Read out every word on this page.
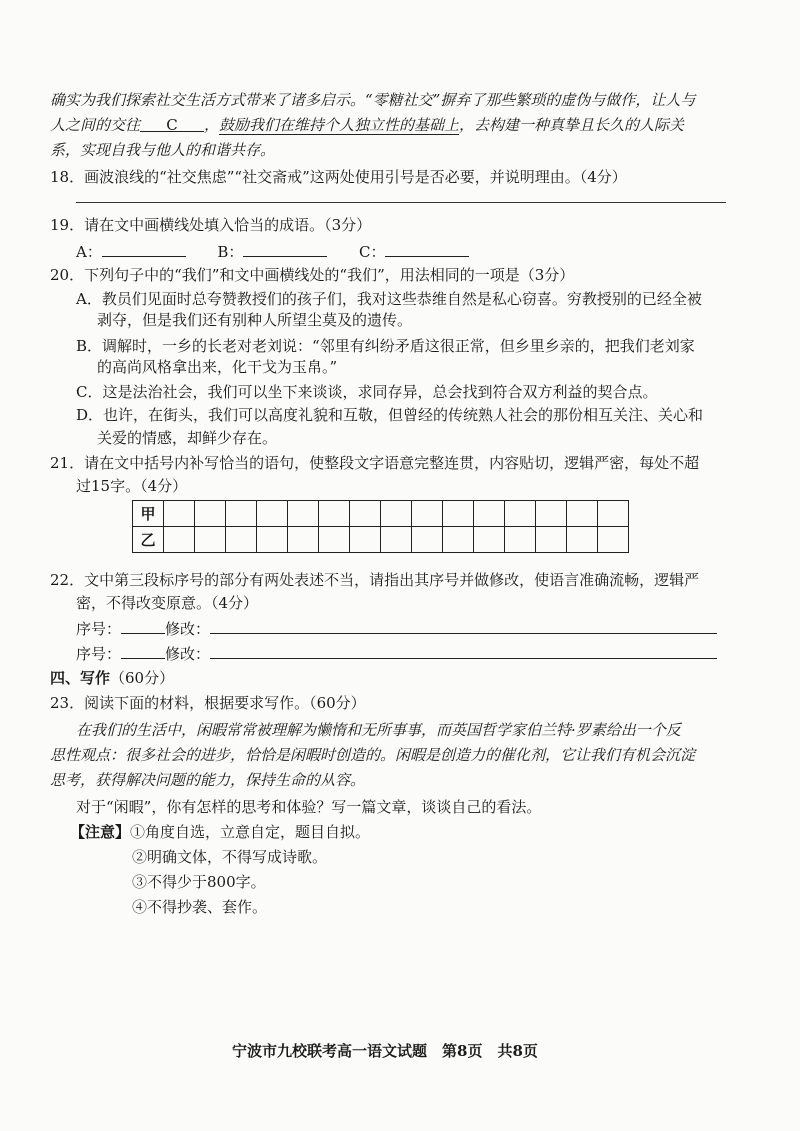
确实为我们探索社交生活方式带来了诸多启示。“零糖社交”摒弃了那些繁琐的虚伪与做作，让人与
人之间的交往 C ，鼓励我们在维持个人独立性的基础上，去构建一种真挚且长久的人际关
系，实现自我与他人的和谐共存。
18．画波浪线的“社交焦虑”“社交斋戒”这两处使用引号是否必要，并说明理由。（4分）
19．请在文中画横线处填入恰当的成语。（3分）
A：	B：	C：
20．下列句子中的“我们”和文中画横线处的“我们”，用法相同的一项是（3分）
A．教员们见面时总夸赞教授们的孩子们，我对这些恭维自然是私心窃喜。穷教授别的已经全被
剥夺，但是我们还有别种人所望尘莫及的遗传。
B．调解时，一乡的长老对老刘说：“邻里有纠纷矛盾这很正常，但乡里乡亲的，把我们老刘家
的高尚风格拿出来，化干戈为玉帛。”
C．这是法治社会，我们可以坐下来谈谈，求同存异，总会找到符合双方利益的契合点。
D．也许，在街头，我们可以高度礼貌和互敬，但曾经的传统熟人社会的那份相互关注、关心和
关爱的情感，却鲜少存在。
21．请在文中括号内补写恰当的语句，使整段文字语意完整连贯，内容贴切，逻辑严密，每处不超
过15字。（4分）
甲															
乙															
22．文中第三段标序号的部分有两处表述不当，请指出其序号并做修改，使语言准确流畅，逻辑严
密，不得改变原意。（4分）
序号：	修改：
序号：	修改：
四、写作（60分）
23．阅读下面的材料，根据要求写作。（60分）
在我们的生活中，闲暇常常被理解为懒惰和无所事事，而英国哲学家伯兰特·罗素给出一个反
思性观点：很多社会的进步，恰恰是闲暇时创造的。闲暇是创造力的催化剂，它让我们有机会沉淀
思考，获得解决问题的能力，保持生命的从容。
对于“闲暇”，你有怎样的思考和体验？写一篇文章，谈谈自己的看法。
【注意】①角度自选，立意自定，题目自拟。
②明确文体，不得写成诗歌。
③不得少于800字。
④不得抄袭、套作。
宁波市九校联考高一语文试题　第8页　共8页
